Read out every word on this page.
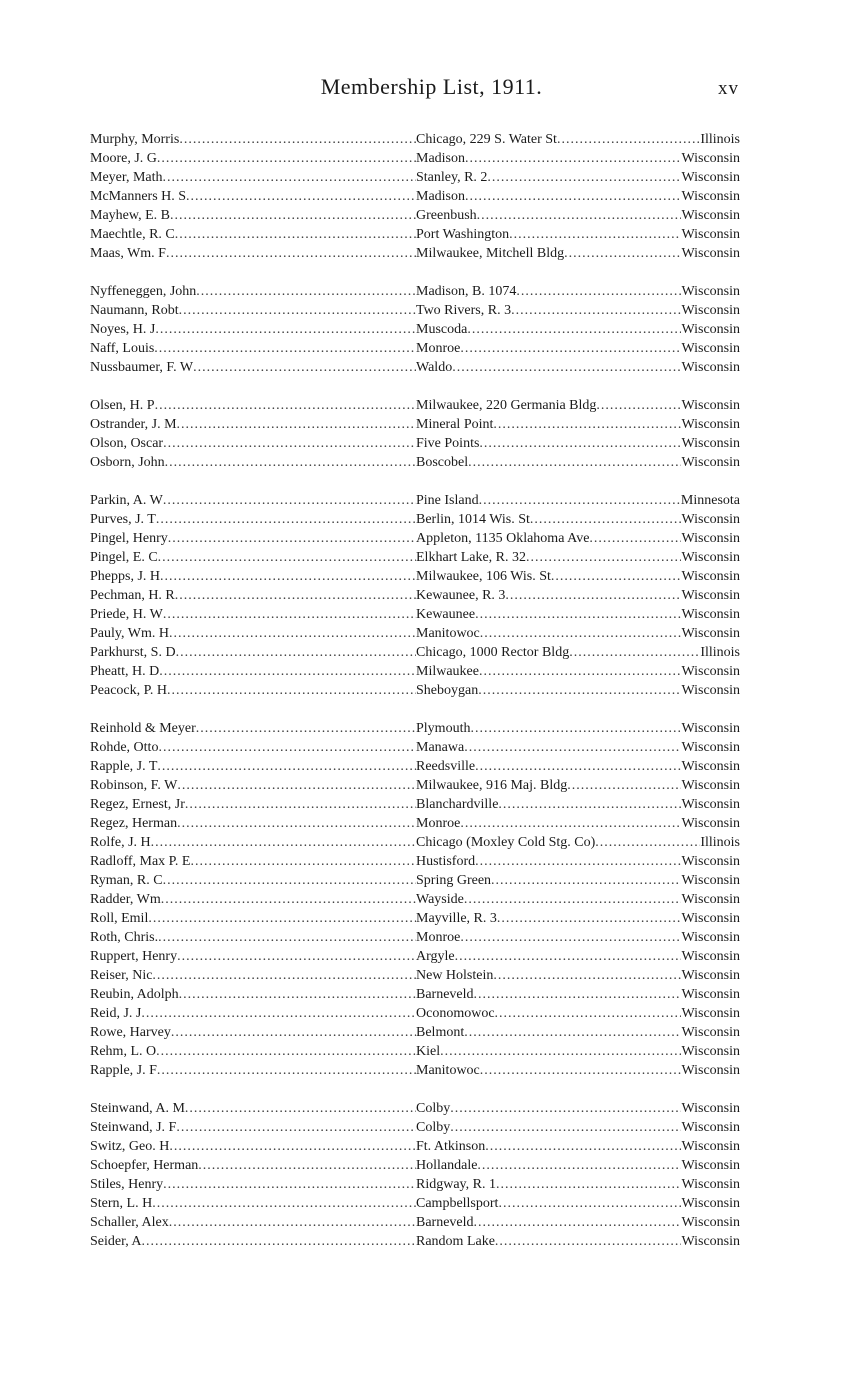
Membership List, 1911.	xv
Murphy, Morris .....	Chicago, 229 S. Water St .....	Illinois
Moore, J. G .....	Madison .....	Wisconsin
Meyer, Math .....	Stanley, R. 2 .....	Wisconsin
McManners H. S .....	Madison .....	Wisconsin
Mayhew, E. B .....	Greenbush .....	Wisconsin
Maechtle, R. C .....	Port Washington .....	Wisconsin
Maas, Wm. F .....	Milwaukee, Mitchell Bldg .....	Wisconsin
Nyffeneggen, John .....	Madison, B. 1074 .....	Wisconsin
Naumann, Robt .....	Two Rivers, R. 3 .....	Wisconsin
Noyes, H. J .....	Muscoda .....	Wisconsin
Naff, Louis .....	Monroe .....	Wisconsin
Nussbaumer, F. W .....	Waldo .....	Wisconsin
Olsen, H. P .....	Milwaukee, 220 Germania Bldg .....	Wisconsin
Ostrander, J. M .....	Mineral Point .....	Wisconsin
Olson, Oscar .....	Five Points .....	Wisconsin
Osborn, John .....	Boscobel .....	Wisconsin
Parkin, A. W .....	Pine Island .....	Minnesota
Purves, J. T .....	Berlin, 1014 Wis. St .....	Wisconsin
Pingel, Henry .....	Appleton, 1135 Oklahoma Ave .....	Wisconsin
Pingel, E. C .....	Elkhart Lake, R. 32 .....	Wisconsin
Phepps, J. H .....	Milwaukee, 106 Wis. St .....	Wisconsin
Pechman, H. R .....	Kewaunee, R. 3 .....	Wisconsin
Priede, H. W .....	Kewaunee .....	Wisconsin
Pauly, Wm. H .....	Manitowoc .....	Wisconsin
Parkhurst, S. D .....	Chicago, 1000 Rector Bldg .....	Illinois
Pheatt, H. D .....	Milwaukee .....	Wisconsin
Peacock, P. H .....	Sheboygan .....	Wisconsin
Reinhold & Meyer .....	Plymouth .....	Wisconsin
Rohde, Otto .....	Manawa .....	Wisconsin
Rapple, J. T .....	Reedsville .....	Wisconsin
Robinson, F. W .....	Milwaukee, 916 Maj. Bldg .....	Wisconsin
Regez, Ernest, Jr .....	Blanchardville .....	Wisconsin
Regez, Herman .....	Monroe .....	Wisconsin
Rolfe, J. H .....	Chicago (Moxley Cold Stg. Co) .....	Illinois
Radloff, Max P. E .....	Hustisford .....	Wisconsin
Ryman, R. C .....	Spring Green .....	Wisconsin
Radder, Wm .....	Wayside .....	Wisconsin
Roll, Emil .....	Mayville, R. 3 .....	Wisconsin
Roth, Chris. .....	Monroe .....	Wisconsin
Ruppert, Henry .....	Argyle .....	Wisconsin
Reiser, Nic .....	New Holstein .....	Wisconsin
Reubin, Adolph .....	Barneveld .....	Wisconsin
Reid, J. J .....	Oconomowoc .....	Wisconsin
Rowe, Harvey .....	Belmont .....	Wisconsin
Rehm, L. O .....	Kiel .....	Wisconsin
Rapple, J. F .....	Manitowoc .....	Wisconsin
Steinwand, A. M .....	Colby .....	Wisconsin
Steinwand, J. F .....	Colby .....	Wisconsin
Switz, Geo. H .....	Ft. Atkinson .....	Wisconsin
Schoepfer, Herman .....	Hollandale .....	Wisconsin
Stiles, Henry .....	Ridgway, R. 1 .....	Wisconsin
Stern, L. H .....	Campbellsport .....	Wisconsin
Schaller, Alex .....	Barneveld .....	Wisconsin
Seider, A .....	Random Lake .....	Wisconsin
